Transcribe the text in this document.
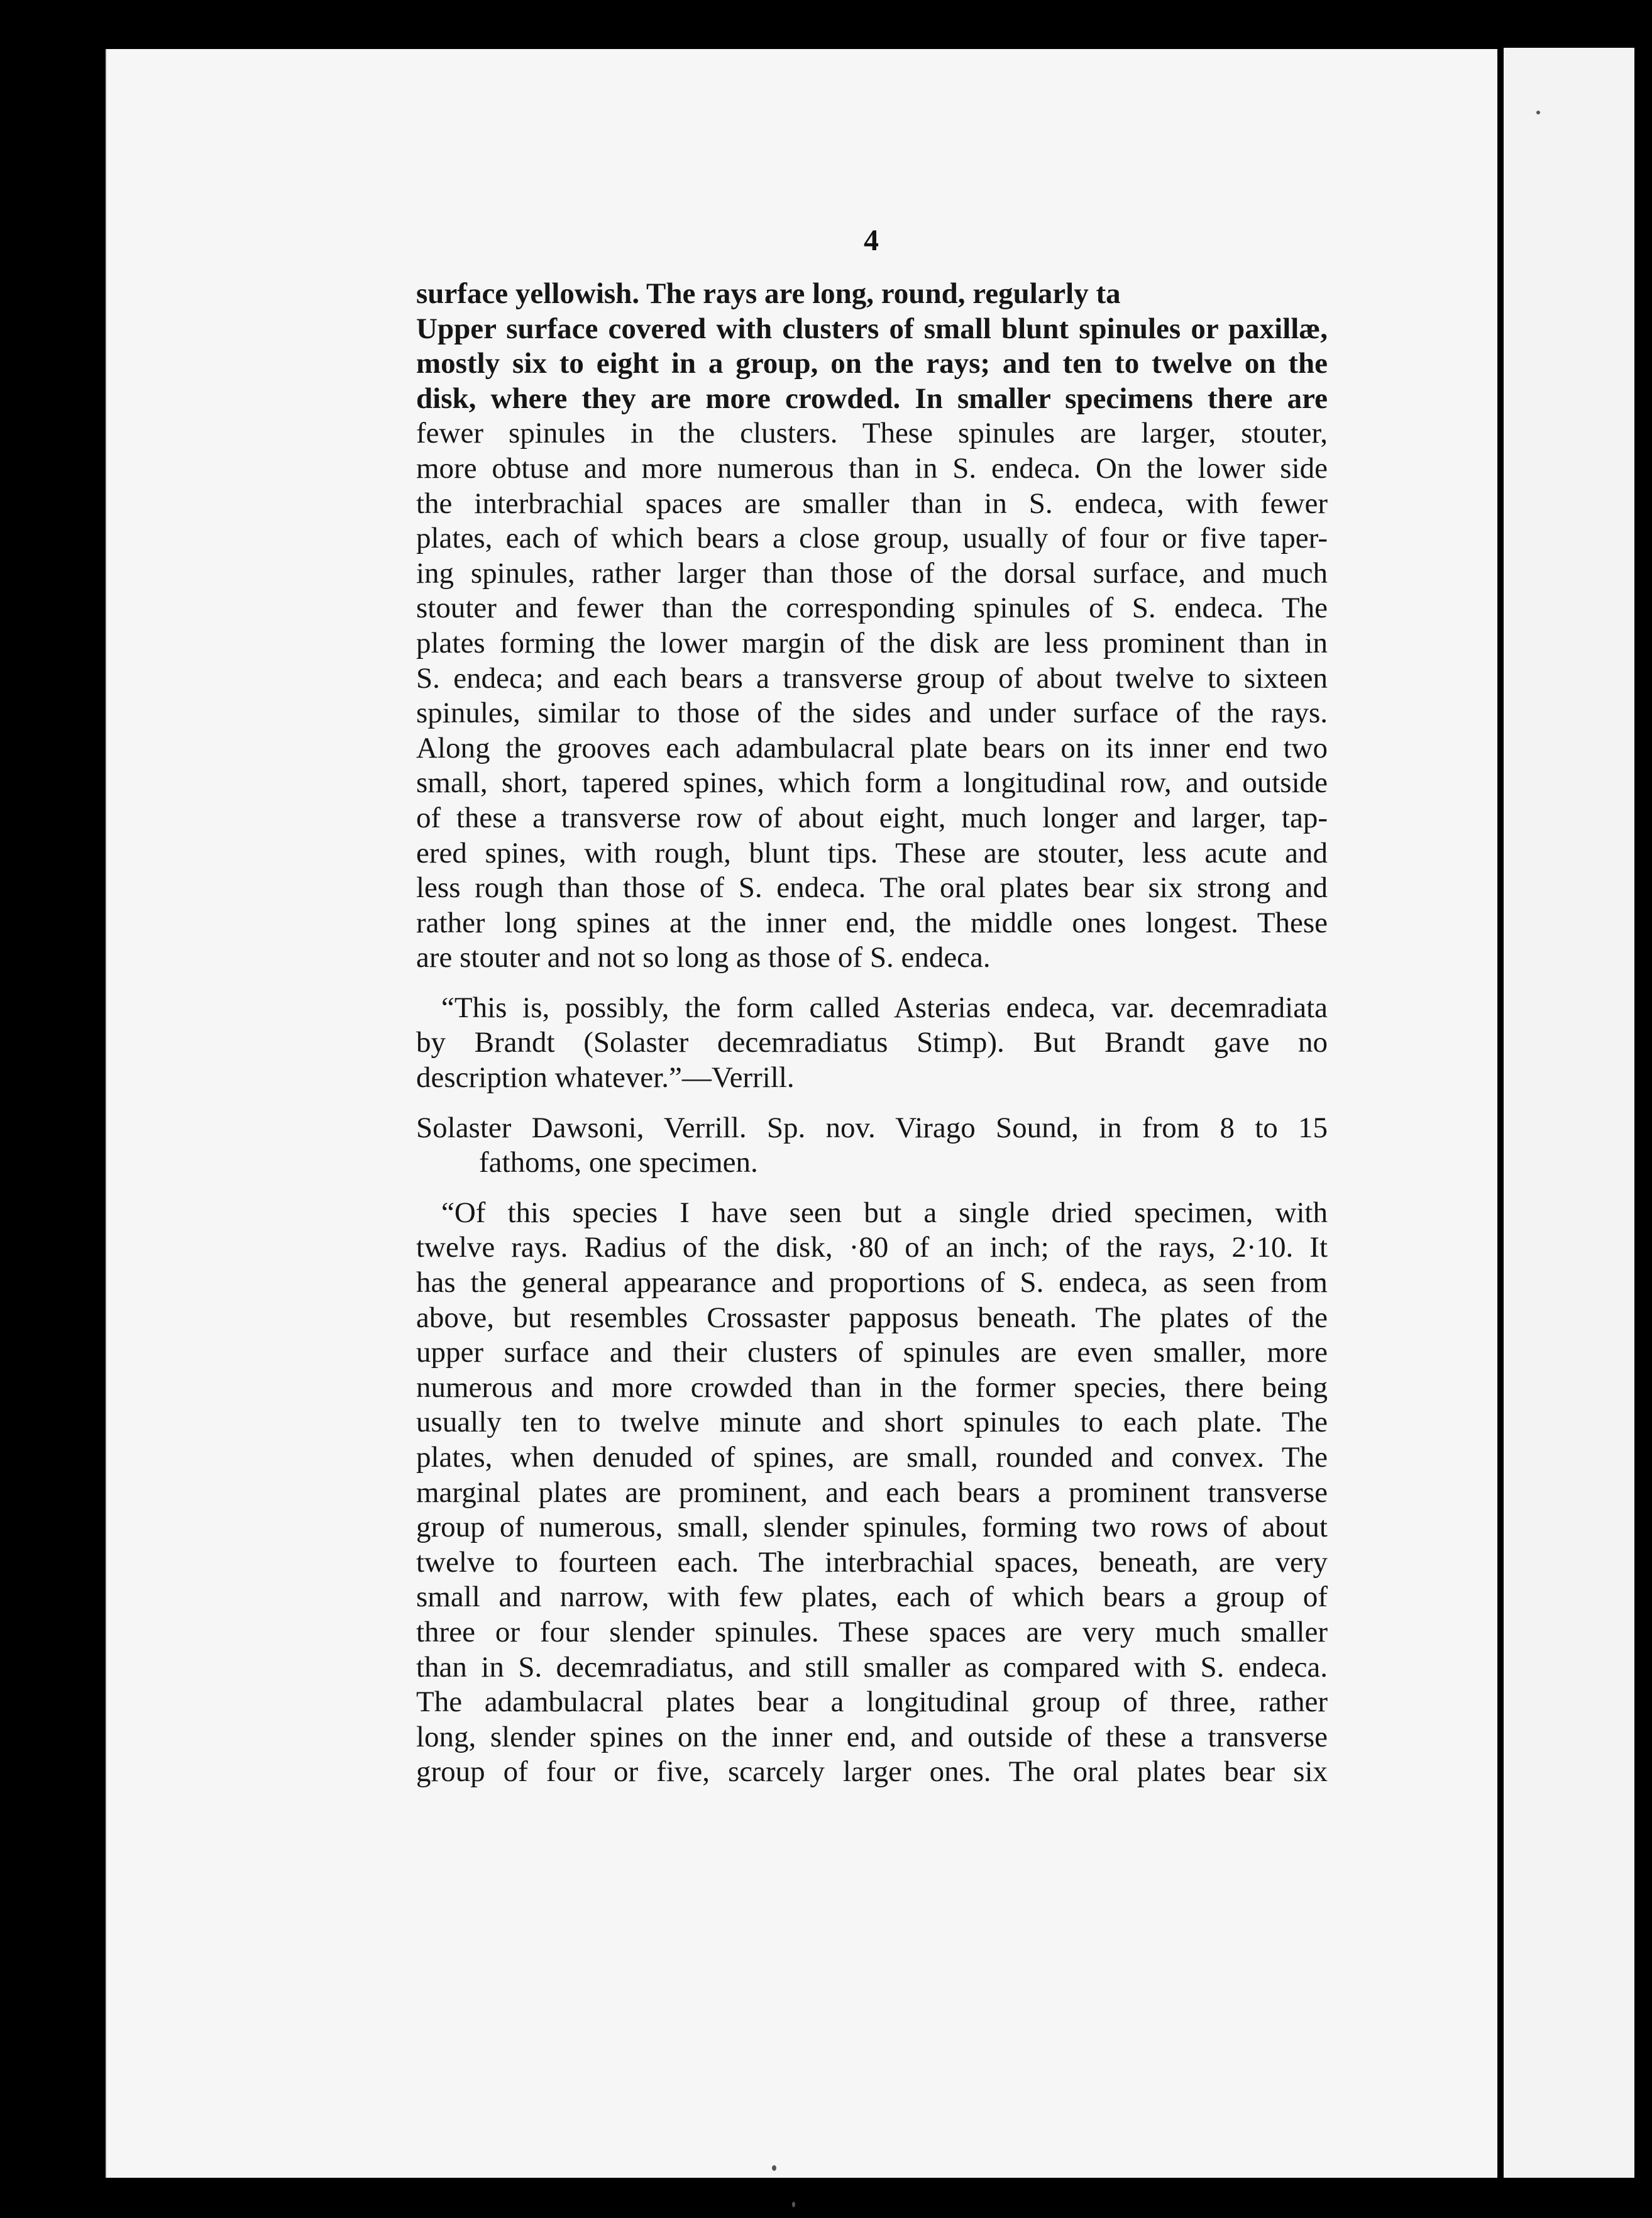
4
surface yellowish. The rays are long, round, regularly ta
Upper surface covered with clusters of small blunt spinules or paxillæ,
mostly six to eight in a group, on the rays; and ten to twelve on the
disk, where they are more crowded. In smaller specimens there are
fewer spinules in the clusters. These spinules are larger, stouter,
more obtuse and more numerous than in S. endeca. On the lower side
the interbrachial spaces are smaller than in S. endeca, with fewer
plates, each of which bears a close group, usually of four or five taper-
ing spinules, rather larger than those of the dorsal surface, and much
stouter and fewer than the corresponding spinules of S. endeca. The
plates forming the lower margin of the disk are less prominent than in
S. endeca; and each bears a transverse group of about twelve to sixteen
spinules, similar to those of the sides and under surface of the rays.
Along the grooves each adambulacral plate bears on its inner end two
small, short, tapered spines, which form a longitudinal row, and outside
of these a transverse row of about eight, much longer and larger, tap-
ered spines, with rough, blunt tips. These are stouter, less acute and
less rough than those of S. endeca. The oral plates bear six strong and
rather long spines at the inner end, the middle ones longest. These
are stouter and not so long as those of S. endeca.
“This is, possibly, the form called Asterias endeca, var. decemradiata
by Brandt (Solaster decemradiatus Stimp). But Brandt gave no
description whatever.”—Verrill.
Solaster Dawsoni, Verrill. Sp. nov. Virago Sound, in from 8 to 15
fathoms, one specimen.
“Of this species I have seen but a single dried specimen, with
twelve rays. Radius of the disk, ·80 of an inch; of the rays, 2·10. It
has the general appearance and proportions of S. endeca, as seen from
above, but resembles Crossaster papposus beneath. The plates of the
upper surface and their clusters of spinules are even smaller, more
numerous and more crowded than in the former species, there being
usually ten to twelve minute and short spinules to each plate. The
plates, when denuded of spines, are small, rounded and convex. The
marginal plates are prominent, and each bears a prominent transverse
group of numerous, small, slender spinules, forming two rows of about
twelve to fourteen each. The interbrachial spaces, beneath, are very
small and narrow, with few plates, each of which bears a group of
three or four slender spinules. These spaces are very much smaller
than in S. decemradiatus, and still smaller as compared with S. endeca.
The adambulacral plates bear a longitudinal group of three, rather
long, slender spines on the inner end, and outside of these a transverse
group of four or five, scarcely larger ones. The oral plates bear six
